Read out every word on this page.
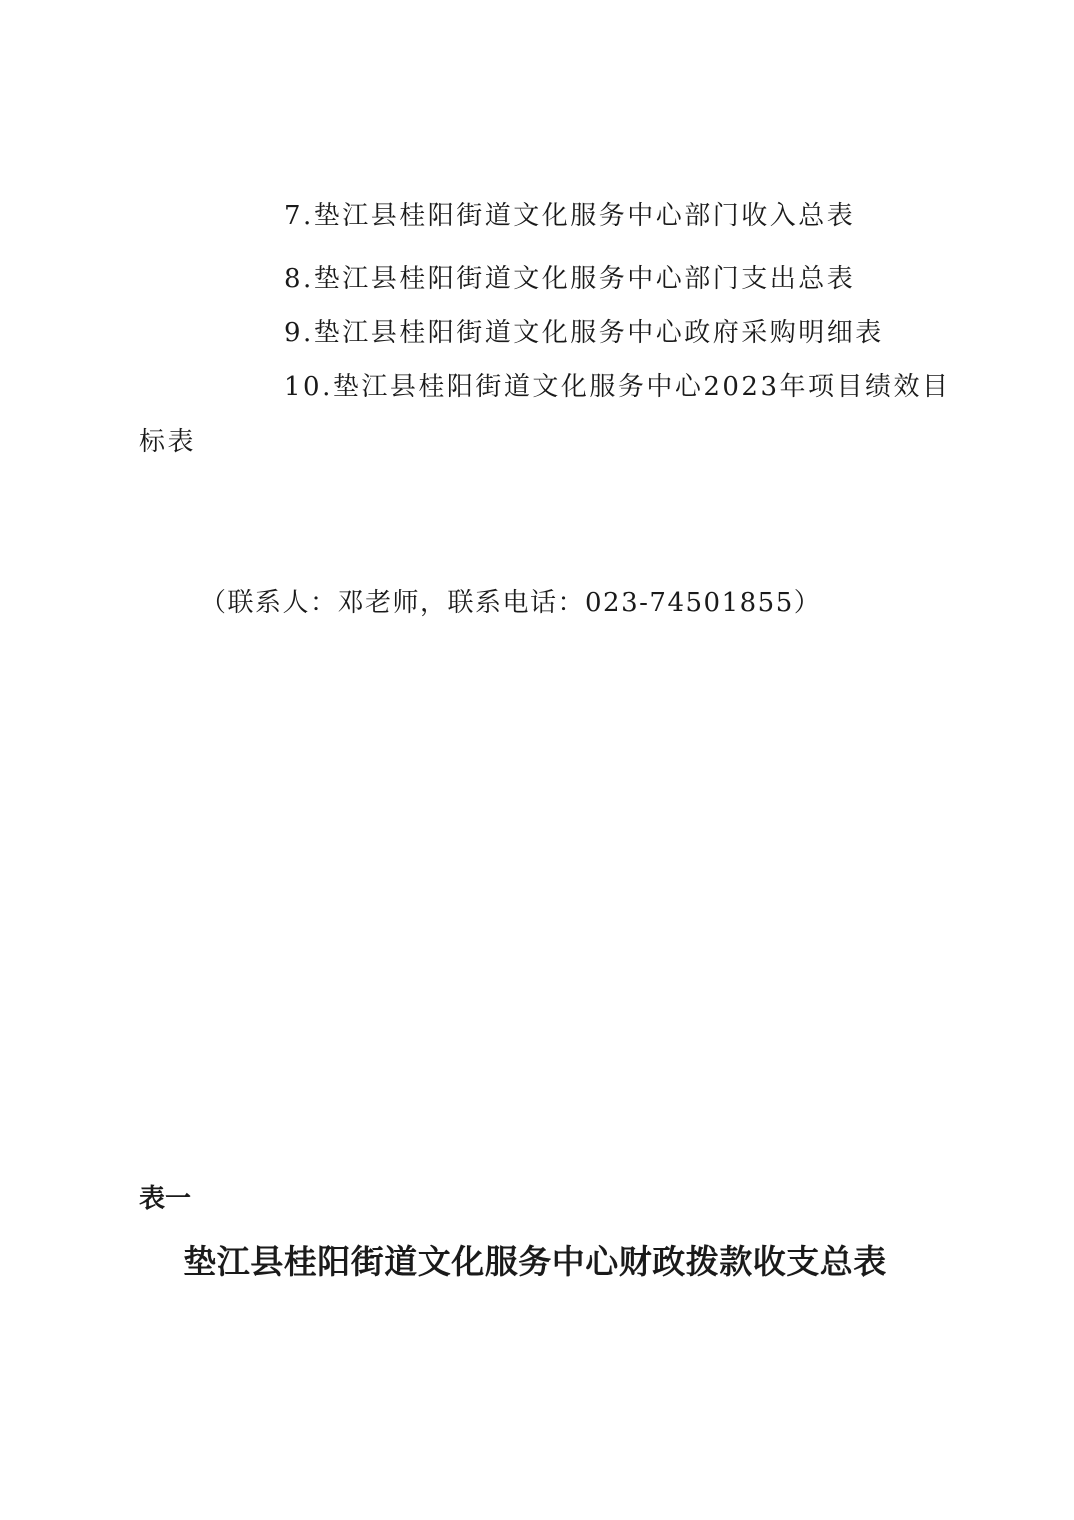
7.垫江县桂阳街道文化服务中心部门收入总表
8.垫江县桂阳街道文化服务中心部门支出总表
9.垫江县桂阳街道文化服务中心政府采购明细表
10.垫江县桂阳街道文化服务中心2023年项目绩效目
标表
（联系人：邓老师，联系电话：023-74501855）
表一
垫江县桂阳街道文化服务中心财政拨款收支总表
